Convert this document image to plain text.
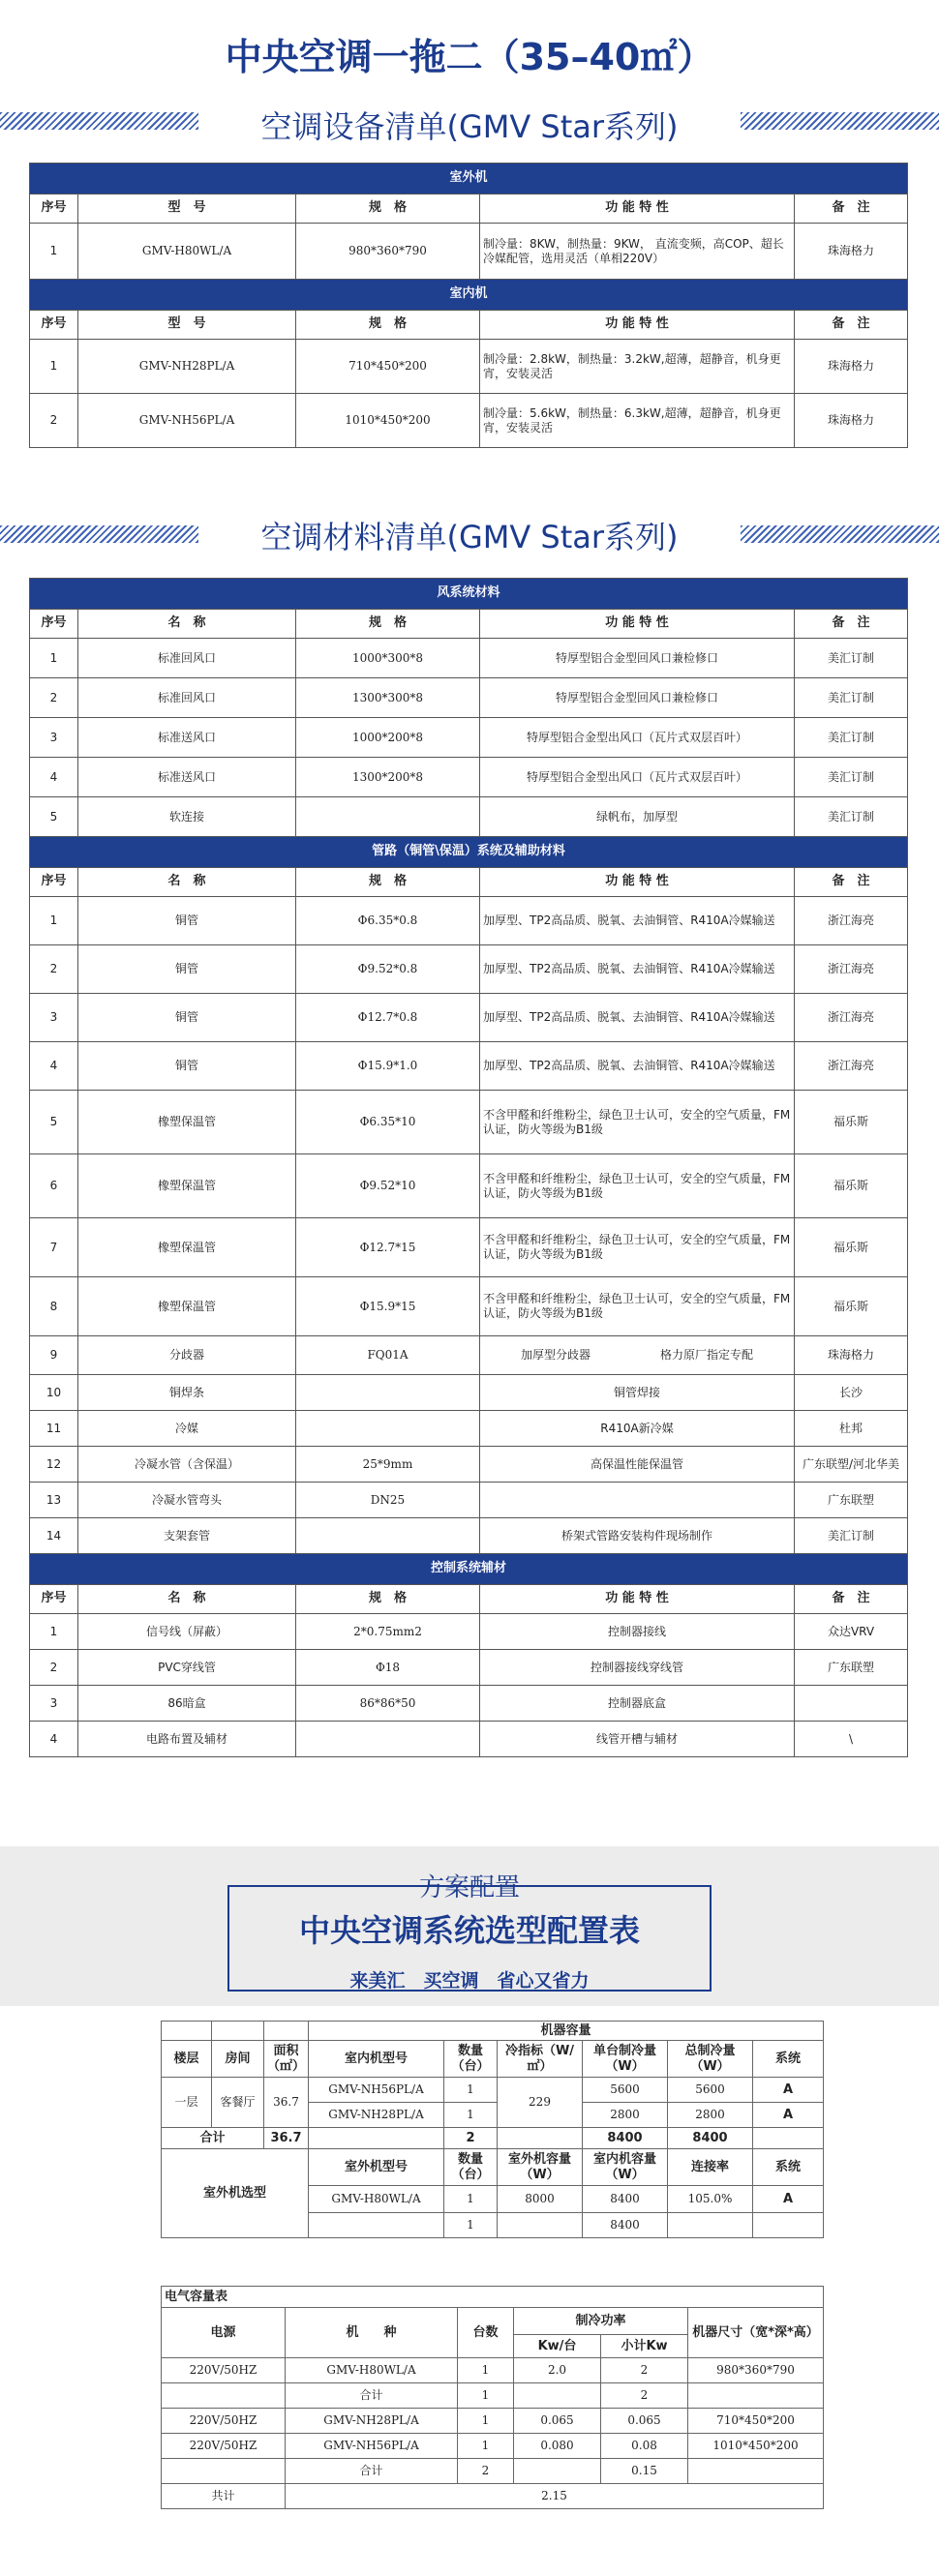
中央空调一拖二（35–40㎡）
空调设备清单(GMV Star系列)
室外机				
序号	型　号	规　格	功 能 特 性	备　注
1	GMV-H80WL/A	980*360*790	制冷量：8KW，制热量：9KW， 直流变频，高COP、超长冷媒配管，选用灵活（单相220V）	珠海格力
室内机				
序号	型　号	规　格	功 能 特 性	备　注
1	GMV-NH28PL/A	710*450*200	制冷量：2.8kW，制热量：3.2kW,超薄，超静音，机身更宵，安装灵活	珠海格力
2	GMV-NH56PL/A	1010*450*200	制冷量：5.6kW，制热量：6.3kW,超薄，超静音，机身更宵，安装灵活	珠海格力
空调材料清单(GMV Star系列)
风系统材料				
序号	名　称	规　格	功 能 特 性	备　注
1	标准回风口	1000*300*8	特厚型铝合金型回风口兼检修口	美汇订制
2	标准回风口	1300*300*8	特厚型铝合金型回风口兼检修口	美汇订制
3	标准送风口	1000*200*8	特厚型铝合金型出风口（瓦片式双层百叶）	美汇订制
4	标准送风口	1300*200*8	特厚型铝合金型出风口（瓦片式双层百叶）	美汇订制
5	软连接		绿帆布，加厚型	美汇订制
管路（铜管\保温）系统及辅助材料				
序号	名　称	规　格	功 能 特 性	备　注
1	铜管	Φ6.35*0.8	加厚型、TP2高品质、脱氧、去油铜管、R410A冷媒输送	浙江海亮
2	铜管	Φ9.52*0.8	加厚型、TP2高品质、脱氧、去油铜管、R410A冷媒输送	浙江海亮
3	铜管	Φ12.7*0.8	加厚型、TP2高品质、脱氧、去油铜管、R410A冷媒输送	浙江海亮
4	铜管	Φ15.9*1.0	加厚型、TP2高品质、脱氧、去油铜管、R410A冷媒输送	浙江海亮
5	橡塑保温管	Φ6.35*10	不含甲醛和纤维粉尘，绿色卫士认可，安全的空气质量，FM认证，防火等级为B1级	福乐斯
6	橡塑保温管	Φ9.52*10	不含甲醛和纤维粉尘，绿色卫士认可，安全的空气质量，FM认证，防火等级为B1级	福乐斯
7	橡塑保温管	Φ12.7*15	不含甲醛和纤维粉尘，绿色卫士认可，安全的空气质量，FM认证，防火等级为B1级	福乐斯
8	橡塑保温管	Φ15.9*15	不含甲醛和纤维粉尘，绿色卫士认可，安全的空气质量，FM认证，防火等级为B1级	福乐斯
9	分歧器	FQ01A	加厚型分歧器　　　　　　格力原厂指定专配	珠海格力
10	铜焊条		铜管焊接	长沙
11	冷媒		R410A新冷媒	杜邦
12	冷凝水管（含保温）	25*9mm	高保温性能保温管	广东联塑/河北华美
13	冷凝水管弯头	DN25		广东联塑
14	支架套管		桥架式管路安装构件现场制作	美汇订制
控制系统辅材				
序号	名　称	规　格	功 能 特 性	备　注
1	信号线（屏蔽）	2*0.75mm2	控制器接线	众达VRV
2	PVC穿线管	Φ18	控制器接线穿线管	广东联塑
3	86暗盒	86*86*50	控制器底盒	
4	电路布置及辅材		线管开槽与辅材	\
方案配置
中央空调系统选型配置表
来美汇　买空调　省心又省力
			机器容量					
楼层	房间	面积（㎡）	室内机型号	数量（台）	冷指标（W/㎡）	单台制冷量（W）	总制冷量（W）	系统
一层	客餐厅	36.7	GMV-NH56PL/A	1	229	5600	5600	A
			GMV-NH28PL/A	1		2800	2800	A
合计		36.7		2		8400	8400	
室外机选型			室外机型号	数量（台）	室外机容量（W）	室内机容量（W）	连接率	系统
			GMV-H80WL/A	1	8000	8400	105.0%	A
				1		8400		
电气容量表					
电源	机　　种	台数	制冷功率		机器尺寸（宽*深*高）
			Kw/台	小计Kw	
220V/50HZ	GMV-H80WL/A	1	2.0	2	980*360*790
	合计	1		2	
220V/50HZ	GMV-NH28PL/A	1	0.065	0.065	710*450*200
220V/50HZ	GMV-NH56PL/A	1	0.080	0.08	1010*450*200
	合计	2		0.15	
共计	2.15				
